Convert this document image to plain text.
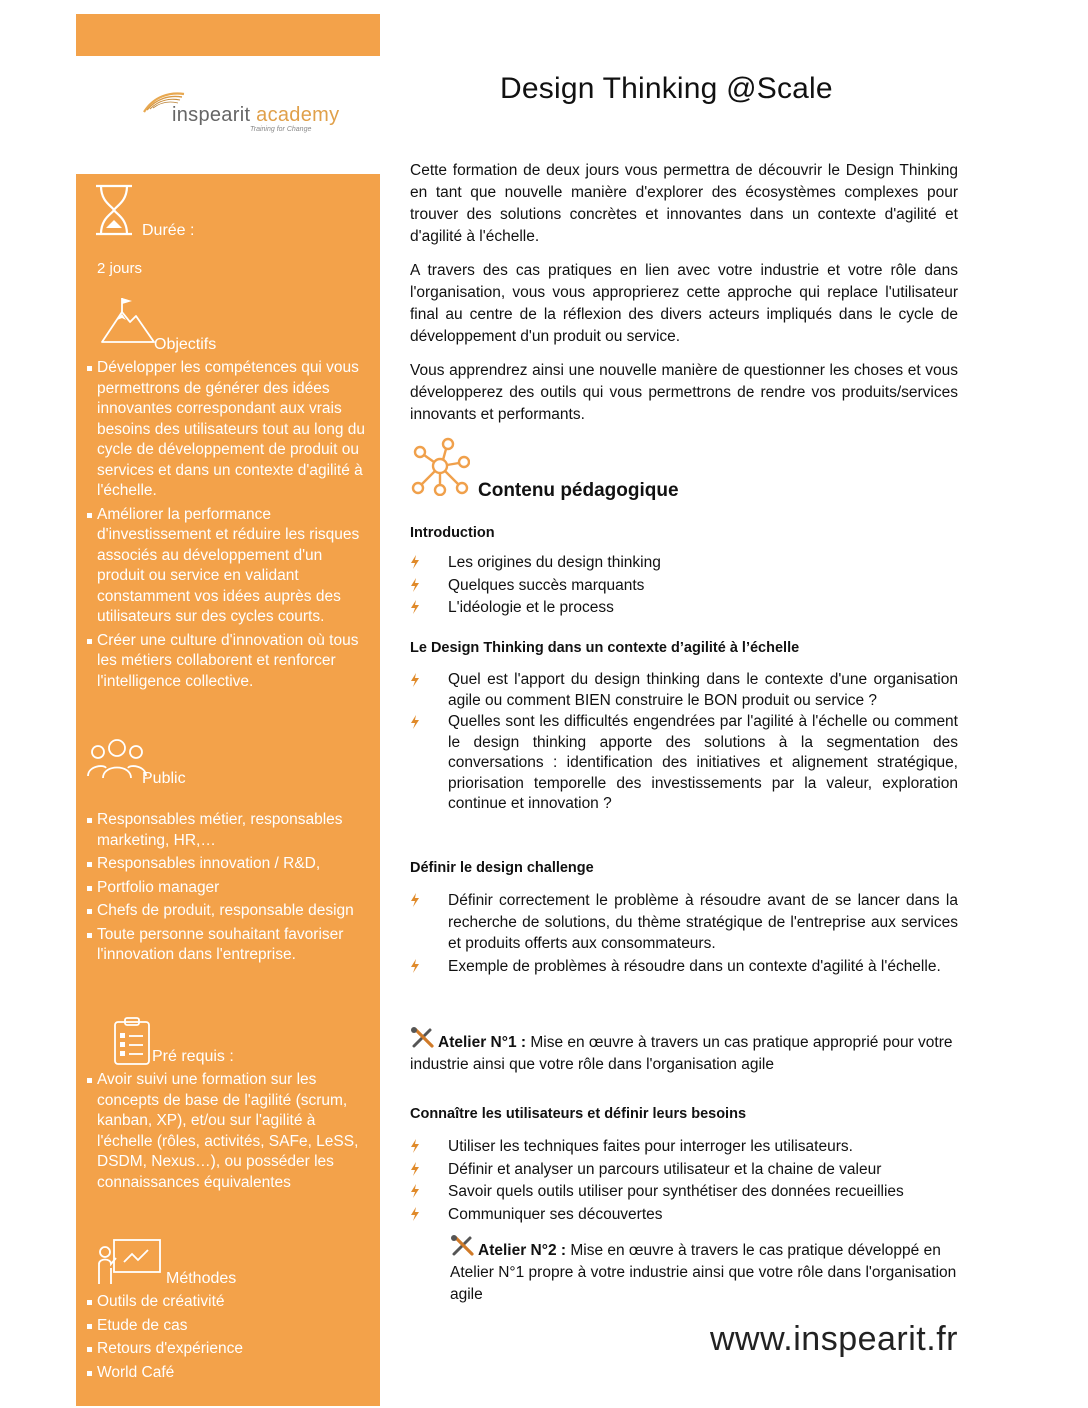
inspearit academy
Training for Change
Design Thinking @Scale
Durée :
2 jours
Objectifs
Développer les compétences qui vous permettrons de générer des idées innovantes correspondant aux vrais besoins des utilisateurs tout au long du cycle de développement de produit ou services et dans un contexte d'agilité à l'échelle.
Améliorer la performance d'investissement et réduire les risques associés au développement d'un produit ou service en validant constamment vos idées auprès des utilisateurs sur des cycles courts.
Créer une culture d'innovation où tous les métiers collaborent et renforcer l'intelligence collective.
Public
Responsables métier, responsables marketing, HR,…
Responsables innovation / R&D,
Portfolio manager
Chefs de produit, responsable design
Toute personne souhaitant favoriser l'innovation dans l'entreprise.
Pré requis :
Avoir suivi une formation sur les concepts de base de l'agilité (scrum, kanban, XP), et/ou sur l'agilité à l'échelle (rôles, activités, SAFe, LeSS, DSDM, Nexus…), ou posséder les connaissances équivalentes
Méthodes
Outils de créativité
Etude de cas
Retours d'expérience
World Café

Cette formation de deux jours vous permettra de découvrir le Design Thinking en tant que nouvelle manière d'explorer des écosystèmes complexes pour trouver des solutions concrètes et innovantes dans un contexte d'agilité et d'agilité à l'échelle.

A travers des cas pratiques en lien avec votre industrie et votre rôle dans l'organisation, vous vous approprierez cette approche qui replace l'utilisateur final au centre de la réflexion des divers acteurs impliqués dans le cycle de développement d'un produit ou service.

Vous apprendrez ainsi une nouvelle manière de questionner les choses et vous développerez des outils qui vous permettrons de rendre vos produits/services innovants et performants.

Contenu pédagogique
Introduction
Les origines du design thinking
Quelques succès marquants
L'idéologie et le process
Le Design Thinking dans un contexte d’agilité à l’échelle
Quel est l'apport du design thinking dans le contexte d'une organisation agile ou comment BIEN construire le BON produit ou service ?
Quelles sont les difficultés engendrées par l'agilité à l'échelle ou comment le design thinking apporte des solutions à la segmentation des conversations : identification des initiatives et alignement stratégique, priorisation temporelle des investissements par la valeur, exploration continue et innovation ?
Définir le design challenge
Définir correctement le problème à résoudre avant de se lancer dans la recherche de solutions, du thème stratégique de l'entreprise aux services et produits offerts aux consommateurs.
Exemple de problèmes à résoudre dans un contexte d'agilité à l'échelle.
Atelier N°1 : Mise en œuvre à travers un cas pratique approprié pour votre industrie ainsi que votre rôle dans l'organisation agile
Connaître les utilisateurs et définir leurs besoins
Utiliser les techniques faites pour interroger les utilisateurs.
Définir et analyser un parcours utilisateur et la chaine de valeur
Savoir quels outils utiliser pour synthétiser des données recueillies
Communiquer ses découvertes
Atelier N°2 : Mise en œuvre à travers le cas pratique développé en Atelier N°1 propre à votre industrie ainsi que votre rôle dans l'organisation agile
www.inspearit.fr
